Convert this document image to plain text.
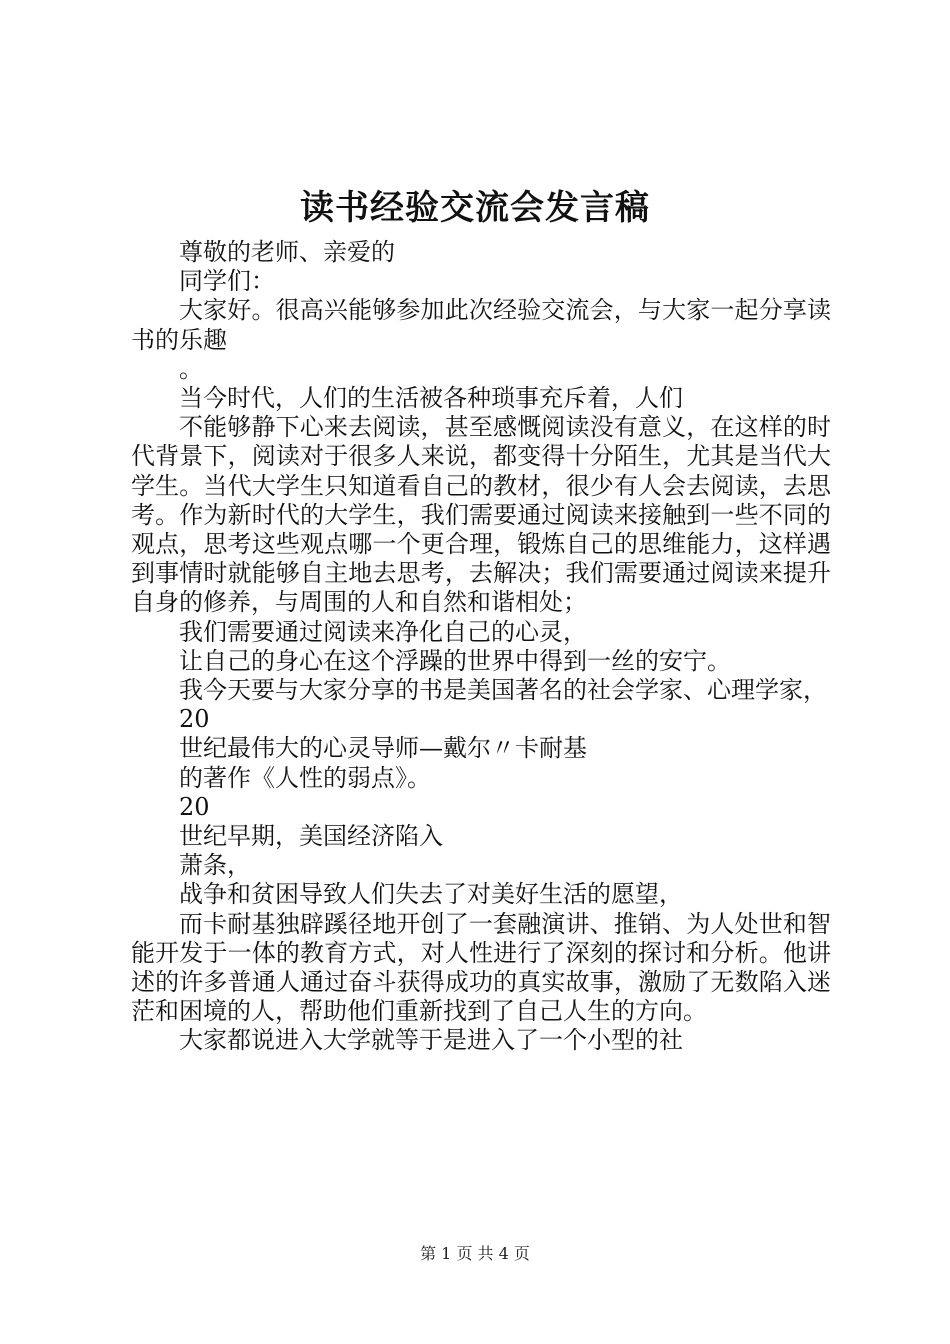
读书经验交流会发言稿

尊敬的老师、亲爱的

同学们：

大家好。很高兴能够参加此次经验交流会，与大家一起分享读书的乐趣

。

当今时代，人们的生活被各种琐事充斥着，人们

不能够静下心来去阅读，甚至感慨阅读没有意义，在这样的时代背景下，阅读对于很多人来说，都变得十分陌生，尤其是当代大学生。当代大学生只知道看自己的教材，很少有人会去阅读，去思考。作为新时代的大学生，我们需要通过阅读来接触到一些不同的观点，思考这些观点哪一个更合理，锻炼自己的思维能力，这样遇到事情时就能够自主地去思考，去解决；我们需要通过阅读来提升自身的修养，与周围的人和自然和谐相处；

我们需要通过阅读来净化自己的心灵，

让自己的身心在这个浮躁的世界中得到一丝的安宁。

我今天要与大家分享的书是美国著名的社会学家、心理学家，

20

世纪最伟大的心灵导师—戴尔〃卡耐基

的著作《人性的弱点》。

20

世纪早期，美国经济陷入

萧条，

战争和贫困导致人们失去了对美好生活的愿望，

而卡耐基独辟蹊径地开创了一套融演讲、推销、为人处世和智能开发于一体的教育方式，对人性进行了深刻的探讨和分析。他讲述的许多普通人通过奋斗获得成功的真实故事，激励了无数陷入迷茫和困境的人，帮助他们重新找到了自己人生的方向。

大家都说进入大学就等于是进入了一个小型的社

第 1 页 共 4 页
